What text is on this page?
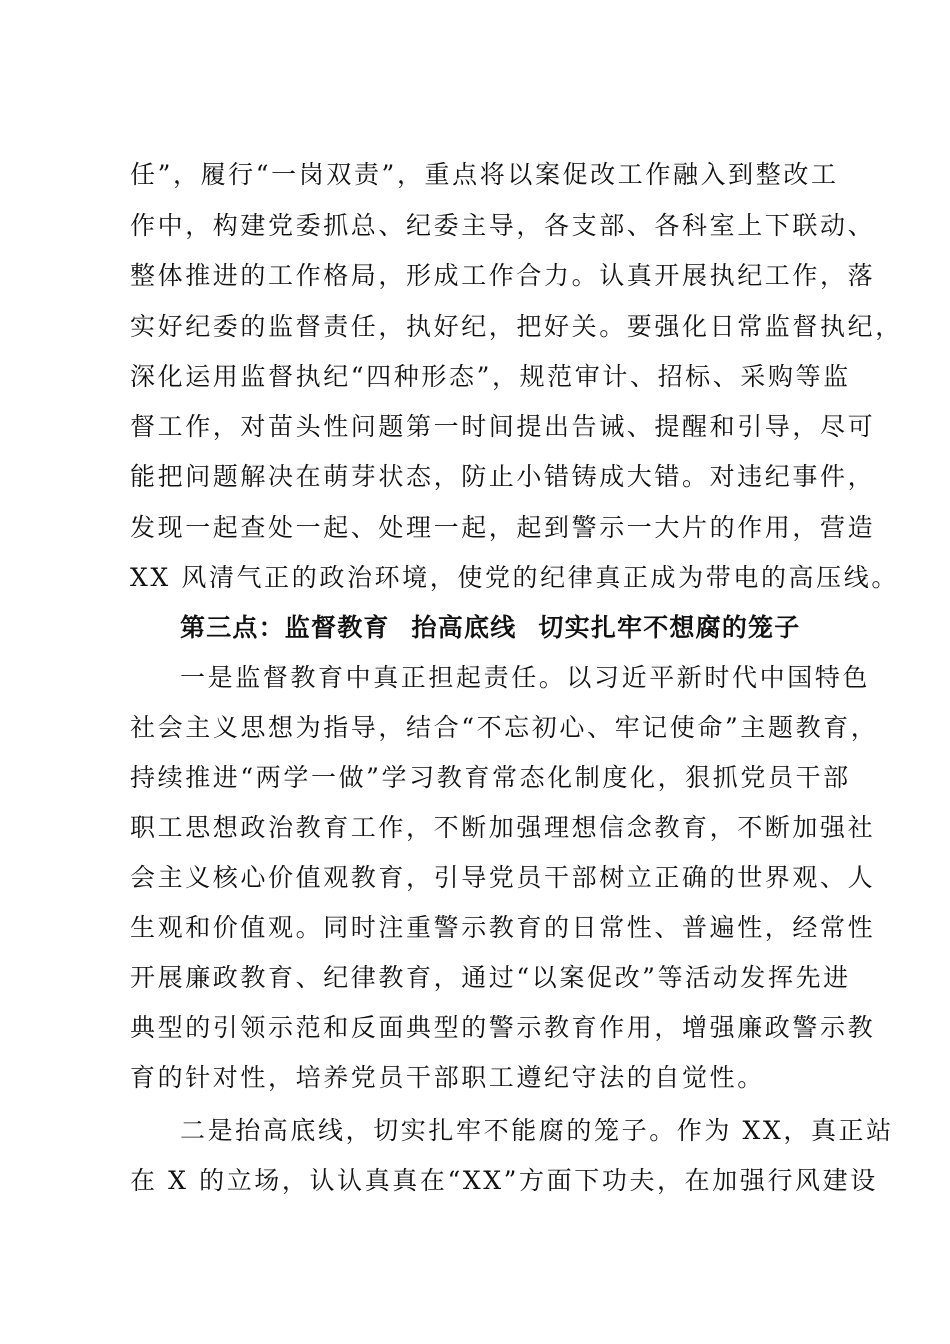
任”，履行“一岗双责”，重点将以案促改工作融入到整改工
作中，构建党委抓总、纪委主导，各支部、各科室上下联动、
整体推进的工作格局，形成工作合力。认真开展执纪工作，落
实好纪委的监督责任，执好纪，把好关。要强化日常监督执纪，
深化运用监督执纪“四种形态”，规范审计、招标、采购等监
督工作，对苗头性问题第一时间提出告诫、提醒和引导，尽可
能把问题解决在萌芽状态，防止小错铸成大错。对违纪事件，
发现一起查处一起、处理一起，起到警示一大片的作用，营造
XX 风清气正的政治环境，使党的纪律真正成为带电的高压线。
第三点：监督教育 抬高底线 切实扎牢不想腐的笼子
一是监督教育中真正担起责任。以习近平新时代中国特色
社会主义思想为指导，结合“不忘初心、牢记使命”主题教育，
持续推进“两学一做”学习教育常态化制度化，狠抓党员干部
职工思想政治教育工作，不断加强理想信念教育，不断加强社
会主义核心价值观教育，引导党员干部树立正确的世界观、人
生观和价值观。同时注重警示教育的日常性、普遍性，经常性
开展廉政教育、纪律教育，通过“以案促改”等活动发挥先进
典型的引领示范和反面典型的警示教育作用，增强廉政警示教
育的针对性，培养党员干部职工遵纪守法的自觉性。
二是抬高底线，切实扎牢不能腐的笼子。作为 XX，真正站
在 X 的立场，认认真真在“XX”方面下功夫，在加强行风建设
